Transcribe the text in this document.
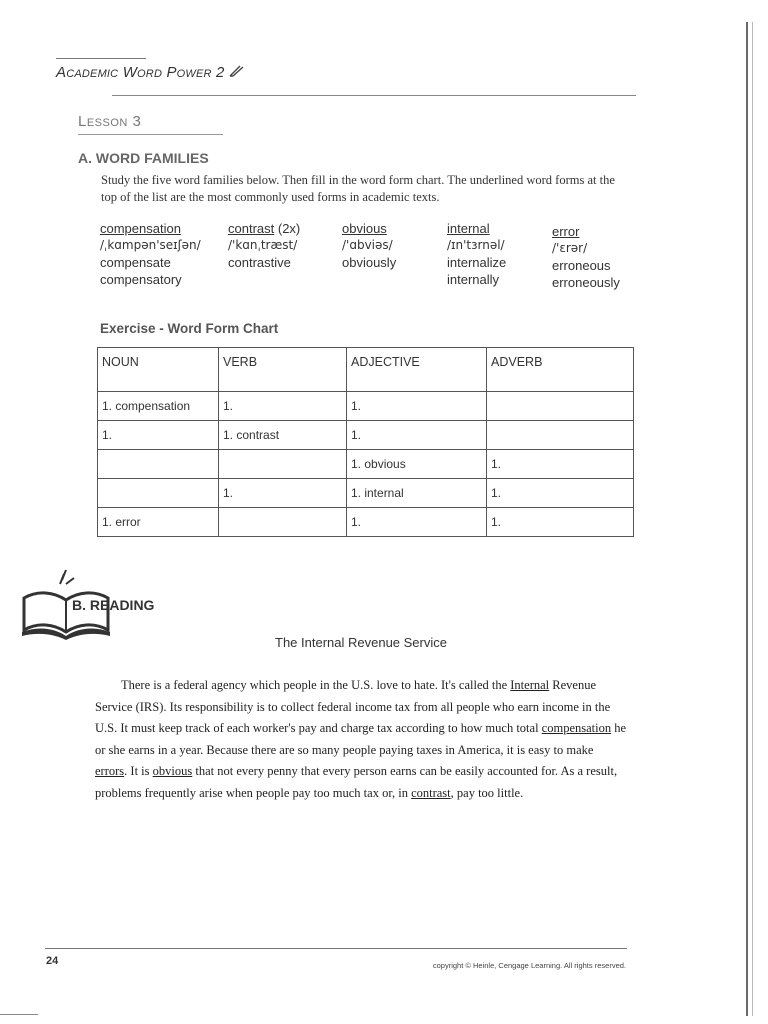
Academic Word Power 2
Lesson 3
A. WORD FAMILIES
Study the five word families below. Then fill in the word form chart. The underlined word forms at the top of the list are the most commonly used forms in academic texts.
compensation
/ˌkɑmpən'seɪʃən/
compensate
compensatory
contrast (2x)
/'kɑnˌtræst/
contrastive
obvious
/'ɑbviəs/
obviously
internal
/ɪn'tɜrnəl/
internalize
internally
error
/'ɛrər/
erroneous
erroneously
Exercise - Word Form Chart
NOUN	VERB	ADJECTIVE	ADVERB
1. compensation	1.	1.	
1.	1. contrast	1.	
		1. obvious	1.
	1.	1. internal	1.
1. error		1.	1.
B. READING
The Internal Revenue Service

There is a federal agency which people in the U.S. love to hate. It's called the Internal Revenue Service (IRS). Its responsibility is to collect federal income tax from all people who earn income in the U.S. It must keep track of each worker's pay and charge tax according to how much total compensation he or she earns in a year. Because there are so many people paying taxes in America, it is easy to make errors. It is obvious that not every penny that every person earns can be easily accounted for. As a result, problems frequently arise when people pay too much tax or, in contrast, pay too little.

24	copyright © Heinle, Cengage Learning. All rights reserved.
